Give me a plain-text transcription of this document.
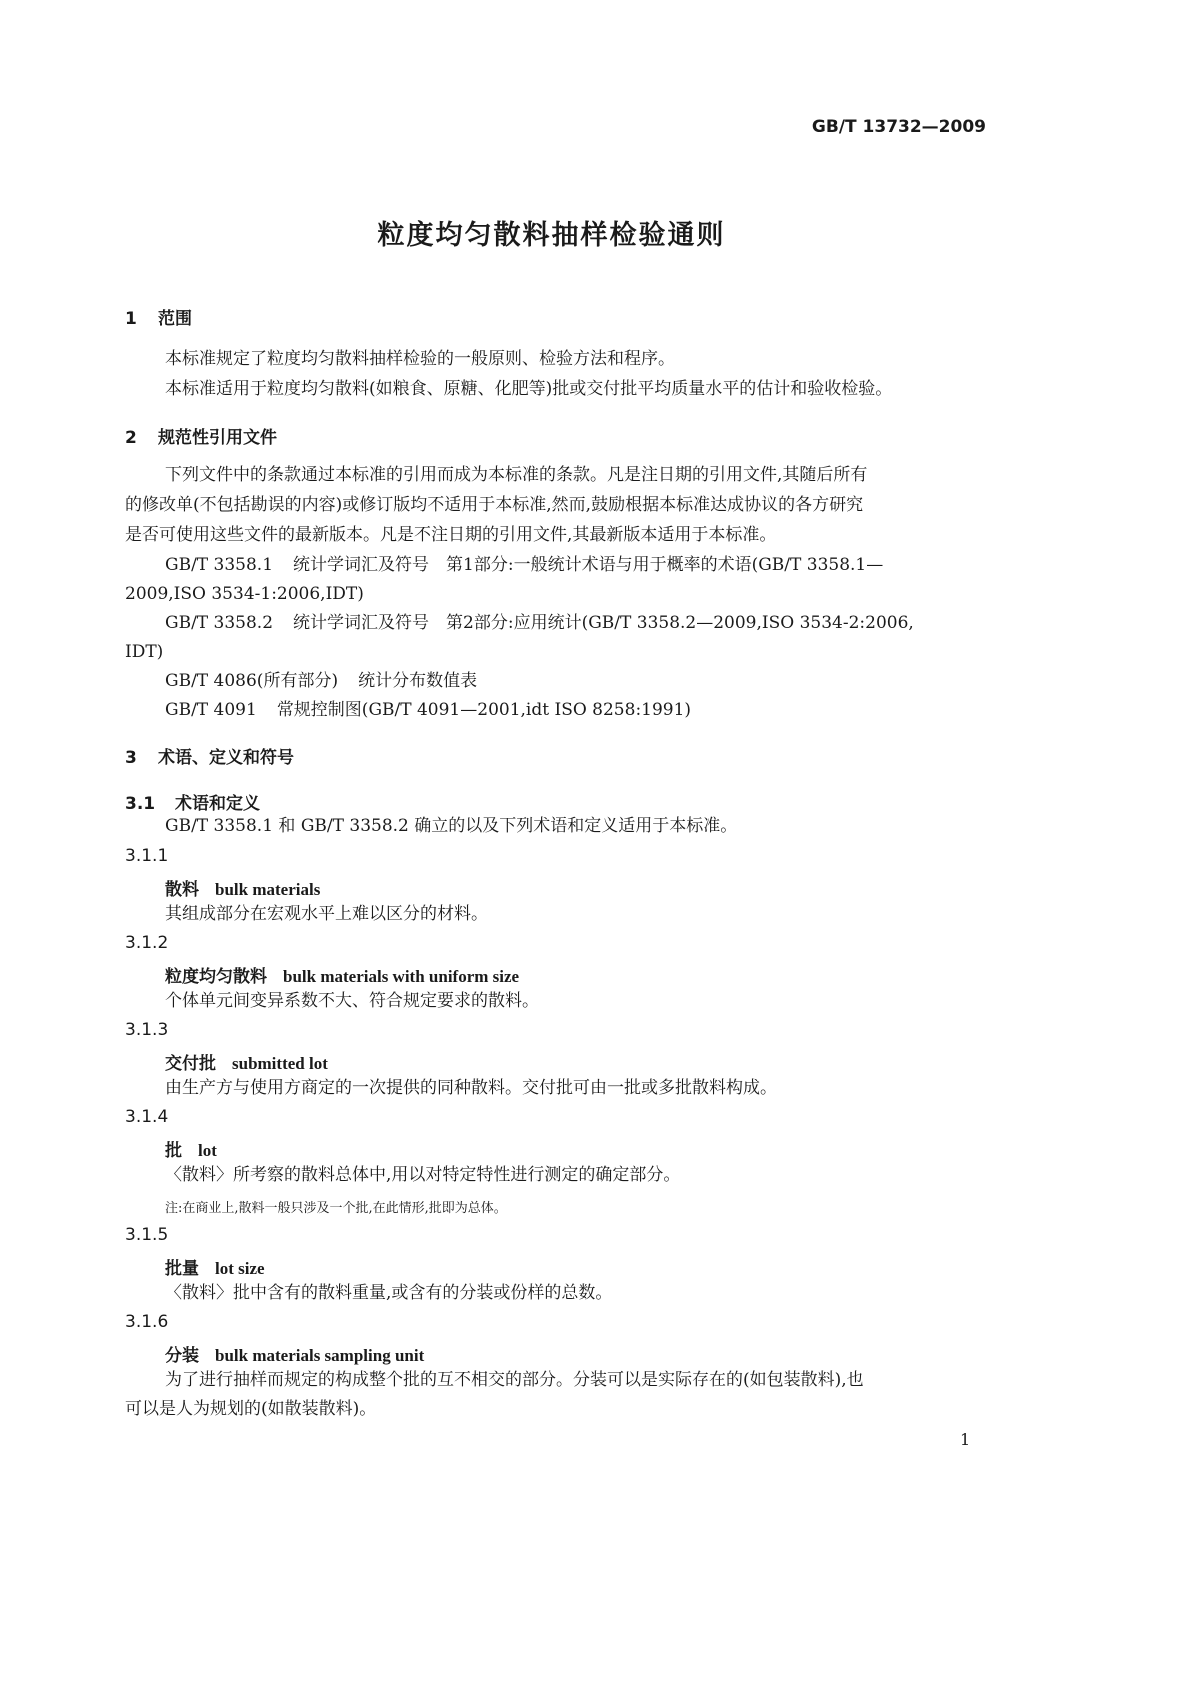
GB/T 13732—2009
粒度均匀散料抽样检验通则
1 范围
本标准规定了粒度均匀散料抽样检验的一般原则、检验方法和程序。
本标准适用于粒度均匀散料(如粮食、原糖、化肥等)批或交付批平均质量水平的估计和验收检验。
2 规范性引用文件
下列文件中的条款通过本标准的引用而成为本标准的条款。凡是注日期的引用文件,其随后所有
的修改单(不包括勘误的内容)或修订版均不适用于本标准,然而,鼓励根据本标准达成协议的各方研究
是否可使用这些文件的最新版本。凡是不注日期的引用文件,其最新版本适用于本标准。
GB/T 3358.1 统计学词汇及符号　第1部分:一般统计术语与用于概率的术语(GB/T 3358.1—
2009,ISO 3534-1:2006,IDT)
GB/T 3358.2 统计学词汇及符号　第2部分:应用统计(GB/T 3358.2—2009,ISO 3534-2:2006,
IDT)
GB/T 4086(所有部分) 统计分布数值表
GB/T 4091 常规控制图(GB/T 4091—2001,idt ISO 8258:1991)
3 术语、定义和符号
3.1 术语和定义
GB/T 3358.1 和 GB/T 3358.2 确立的以及下列术语和定义适用于本标准。
3.1.1
散料 bulk materials
其组成部分在宏观水平上难以区分的材料。
3.1.2
粒度均匀散料 bulk materials with uniform size
个体单元间变异系数不大、符合规定要求的散料。
3.1.3
交付批 submitted lot
由生产方与使用方商定的一次提供的同种散料。交付批可由一批或多批散料构成。
3.1.4
批 lot
〈散料〉所考察的散料总体中,用以对特定特性进行测定的确定部分。
注:在商业上,散料一般只涉及一个批,在此情形,批即为总体。
3.1.5
批量 lot size
〈散料〉批中含有的散料重量,或含有的分装或份样的总数。
3.1.6
分装 bulk materials sampling unit
为了进行抽样而规定的构成整个批的互不相交的部分。分装可以是实际存在的(如包装散料),也
可以是人为规划的(如散装散料)。
1
